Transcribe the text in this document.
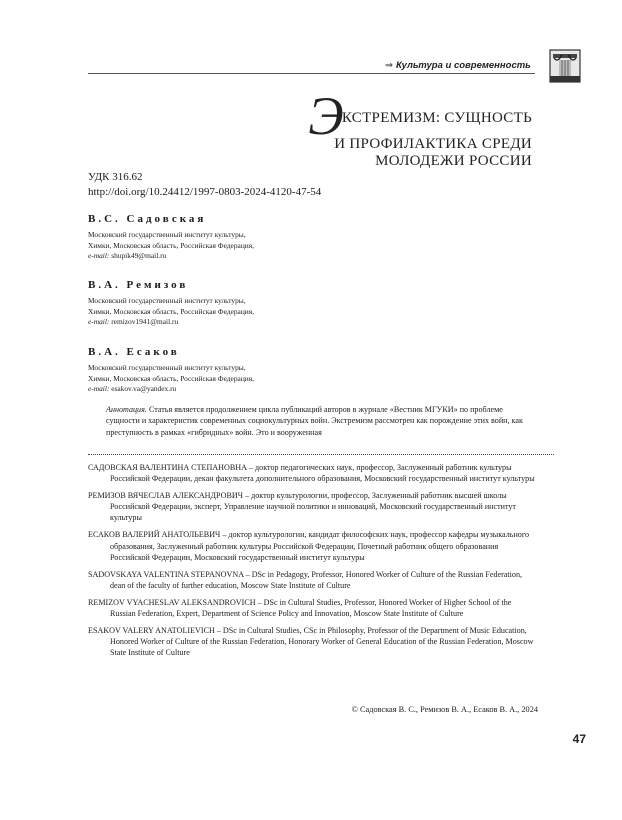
⇒ Культура и современность
ЭКСТРЕМИЗМ: СУЩНОСТЬ
И ПРОФИЛАКТИКА СРЕДИ
МОЛОДЕЖИ РОССИИ
УДК 316.62
http://doi.org/10.24412/1997-0803-2024-4120-47-54
В.С. Садовская
Московский государственный институт культуры,
Химки, Московская область, Российская Федерация,
e-mail: shupik49@mail.ru
В.А. Ремизов
Московский государственный институт культуры,
Химки, Московская область, Российская Федерация,
e-mail: remizov1941@mail.ru
В.А. Есаков
Московский государственный институт культуры,
Химки, Московская область, Российская Федерация,
e-mail: esakov.va@yandex.ru
Аннотация. Статья является продолжением цикла публикаций авторов в журнале «Вестник МГУКИ» по проблеме сущности и характеристик современных социокультурных войн. Экстремизм рассмотрен как порождение этих войн, как преступность в рамках «гибридных» войн. Это и вооруженная
САДОВСКАЯ ВАЛЕНТИНА СТЕПАНОВНА – доктор педагогических наук, профессор, Заслуженный работник культуры Российской Федерации, декан факультета дополнительного образования, Московский государственный институт культуры
РЕМИЗОВ ВЯЧЕСЛАВ АЛЕКСАНДРОВИЧ – доктор культурологии, профессор, Заслуженный работник высшей школы Российской Федерации, эксперт, Управление научной политики и инноваций, Московский государственный институт культуры
ЕСАКОВ ВАЛЕРИЙ АНАТОЛЬЕВИЧ – доктор культурологии, кандидат философских наук, профессор кафедры музыкального образования, Заслуженный работник культуры Российской Федерации, Почетный работник общего образования Российской Федерации, Московский государственный институт культуры
SADOVSKAYA VALENTINA STEPANOVNA – DSc in Pedagogy, Professor, Honored Worker of Culture of the Russian Federation, dean of the faculty of further education, Moscow State Institute of Culture
REMIZOV VYACHESLAV ALEKSANDROVICH – DSc in Cultural Studies, Professor, Honored Worker of Higher School of the Russian Federation, Expert, Department of Science Policy and Innovation, Moscow State Institute of Culture
ESAKOV VALERY ANATOLIEVICH – DSc in Cultural Studies, CSc in Philosophy, Professor of the Department of Music Education, Honored Worker of Culture of the Russian Federation, Honorary Worker of General Education of the Russian Federation, Moscow State Institute of Culture
© Садовская В. С., Ремизов В. А., Есаков В. А., 2024
47
